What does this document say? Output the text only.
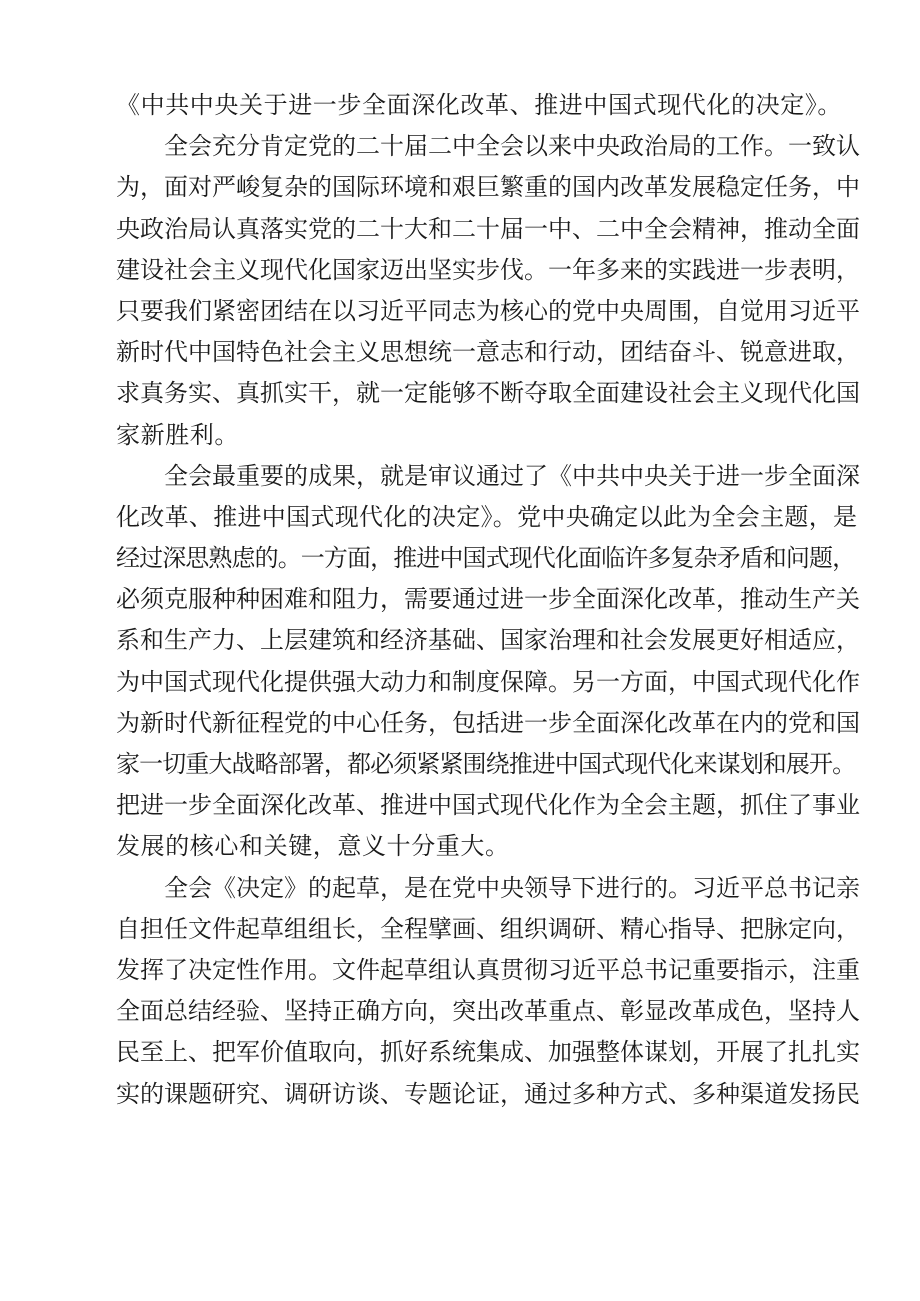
《中共中央关于进一步全面深化改革、推进中国式现代化的决定》。

全会充分肯定党的二十届二中全会以来中央政治局的工作。一致认

为，面对严峻复杂的国际环境和艰巨繁重的国内改革发展稳定任务，中

央政治局认真落实党的二十大和二十届一中、二中全会精神，推动全面

建设社会主义现代化国家迈出坚实步伐。一年多来的实践进一步表明，

只要我们紧密团结在以习近平同志为核心的党中央周围，自觉用习近平

新时代中国特色社会主义思想统一意志和行动，团结奋斗、锐意进取，

求真务实、真抓实干，就一定能够不断夺取全面建设社会主义现代化国

家新胜利。

全会最重要的成果，就是审议通过了《中共中央关于进一步全面深

化改革、推进中国式现代化的决定》。党中央确定以此为全会主题，是

经过深思熟虑的。一方面，推进中国式现代化面临许多复杂矛盾和问题，

必须克服种种困难和阻力，需要通过进一步全面深化改革，推动生产关

系和生产力、上层建筑和经济基础、国家治理和社会发展更好相适应，

为中国式现代化提供强大动力和制度保障。另一方面，中国式现代化作

为新时代新征程党的中心任务，包括进一步全面深化改革在内的党和国

家一切重大战略部署，都必须紧紧围绕推进中国式现代化来谋划和展开。

把进一步全面深化改革、推进中国式现代化作为全会主题，抓住了事业

发展的核心和关键，意义十分重大。

全会《决定》的起草，是在党中央领导下进行的。习近平总书记亲

自担任文件起草组组长，全程擘画、组织调研、精心指导、把脉定向，

发挥了决定性作用。文件起草组认真贯彻习近平总书记重要指示，注重

全面总结经验、坚持正确方向，突出改革重点、彰显改革成色，坚持人

民至上、把军价值取向，抓好系统集成、加强整体谋划，开展了扎扎实

实的课题研究、调研访谈、专题论证，通过多种方式、多种渠道发扬民
